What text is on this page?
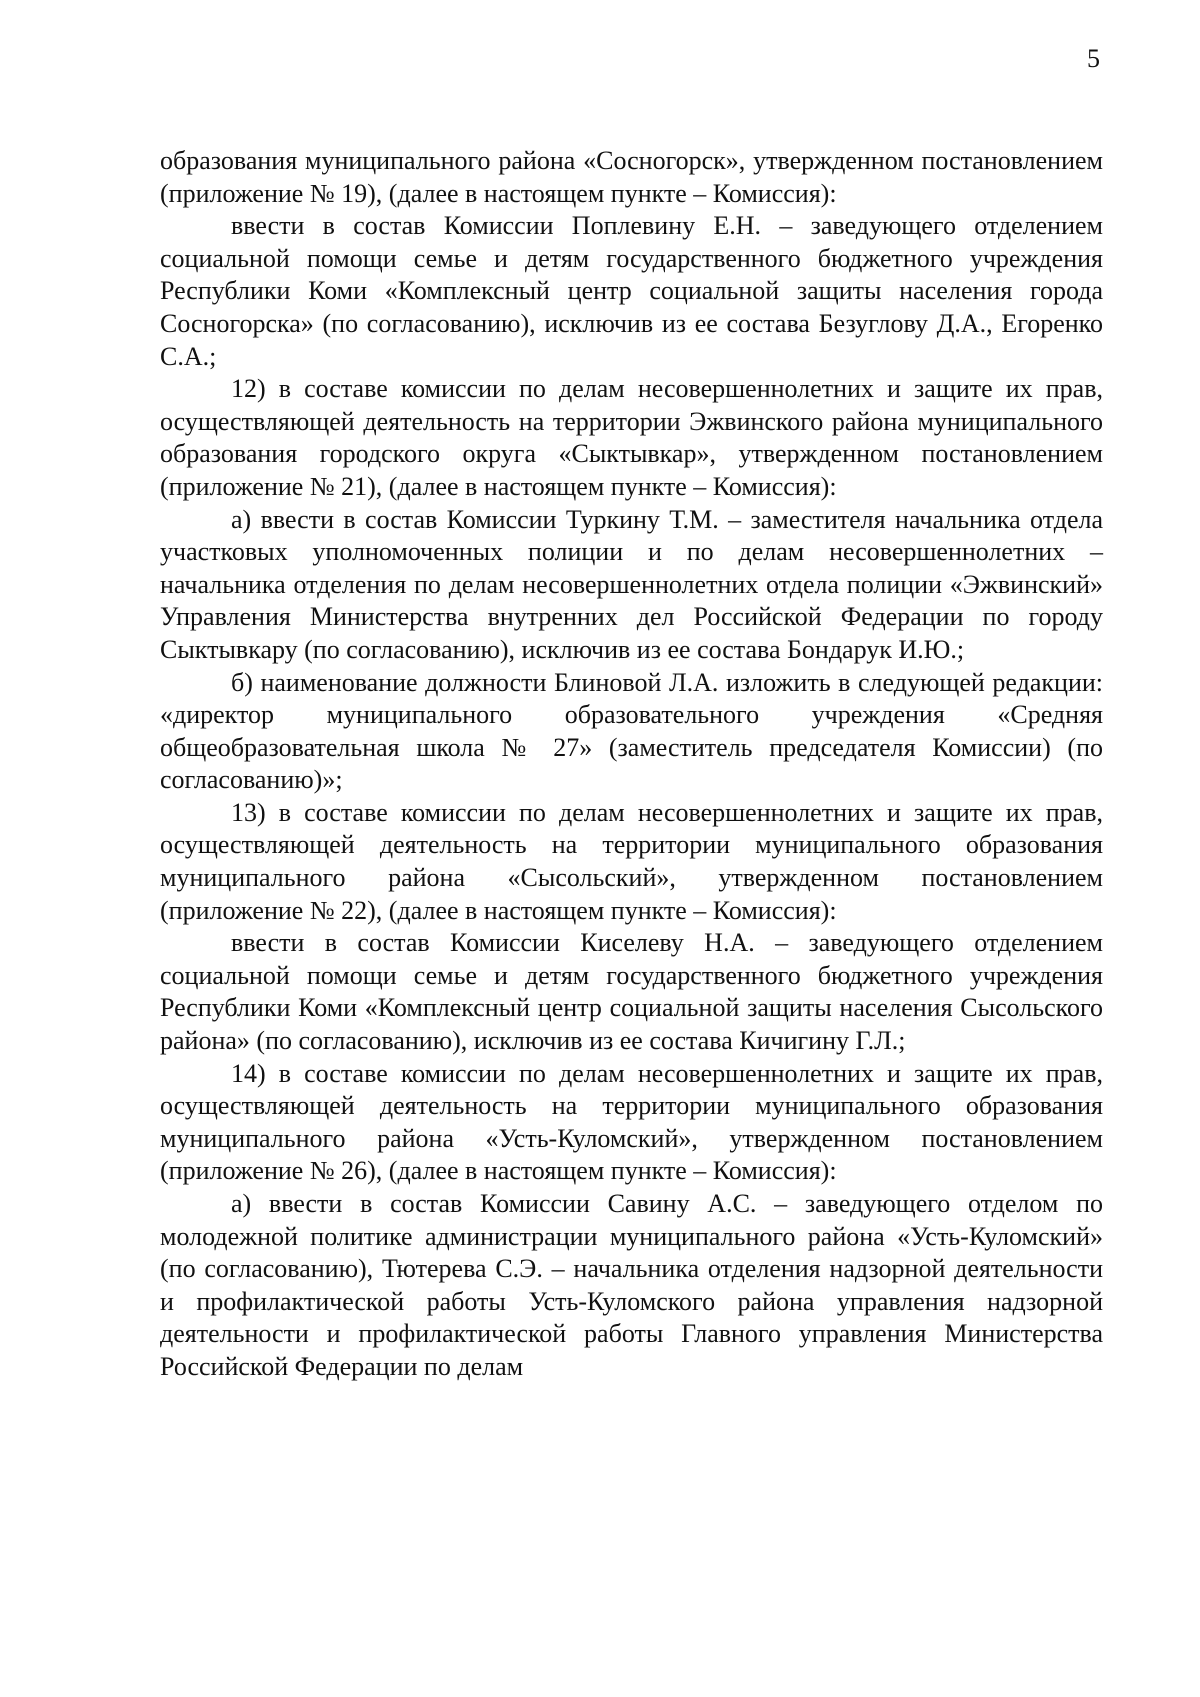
5

образования муниципального района «Сосногорск», утвержденном постановлением (приложение № 19), (далее в настоящем пункте – Комиссия):

ввести в состав Комиссии Поплевину Е.Н. – заведующего отделением социальной помощи семье и детям государственного бюджетного учреждения Республики Коми «Комплексный центр социальной защиты населения города Сосногорска» (по согласованию), исключив из ее состава Безуглову Д.А., Егоренко С.А.;

12) в составе комиссии по делам несовершеннолетних и защите их прав, осуществляющей деятельность на территории Эжвинского района муниципального образования городского округа «Сыктывкар», утвержденном постановлением (приложение № 21), (далее в настоящем пункте – Комиссия):

а) ввести в состав Комиссии Туркину Т.М. – заместителя начальника отдела участковых уполномоченных полиции и по делам несовершеннолетних – начальника отделения по делам несовершеннолетних отдела полиции «Эжвинский» Управления Министерства внутренних дел Российской Федерации по городу Сыктывкару (по согласованию), исключив из ее состава Бондарук И.Ю.;

б) наименование должности Блиновой Л.А. изложить в следующей редакции: «директор муниципального образовательного учреждения «Средняя общеобразовательная школа № 27» (заместитель председателя Комиссии) (по согласованию)»;

13) в составе комиссии по делам несовершеннолетних и защите их прав, осуществляющей деятельность на территории муниципального образования муниципального района «Сысольский», утвержденном постановлением (приложение № 22), (далее в настоящем пункте – Комиссия):

ввести в состав Комиссии Киселеву Н.А. – заведующего отделением социальной помощи семье и детям государственного бюджетного учреждения Республики Коми «Комплексный центр социальной защиты населения Сысольского района» (по согласованию), исключив из ее состава Кичигину Г.Л.;

14) в составе комиссии по делам несовершеннолетних и защите их прав, осуществляющей деятельность на территории муниципального образования муниципального района «Усть-Куломский», утвержденном постановлением (приложение № 26), (далее в настоящем пункте – Комиссия):

а) ввести в состав Комиссии Савину А.С. – заведующего отделом по молодежной политике администрации муниципального района «Усть-Куломский» (по согласованию), Тютерева С.Э. – начальника отделения надзорной деятельности и профилактической работы Усть-Куломского района управления надзорной деятельности и профилактической работы Главного управления Министерства Российской Федерации по делам
